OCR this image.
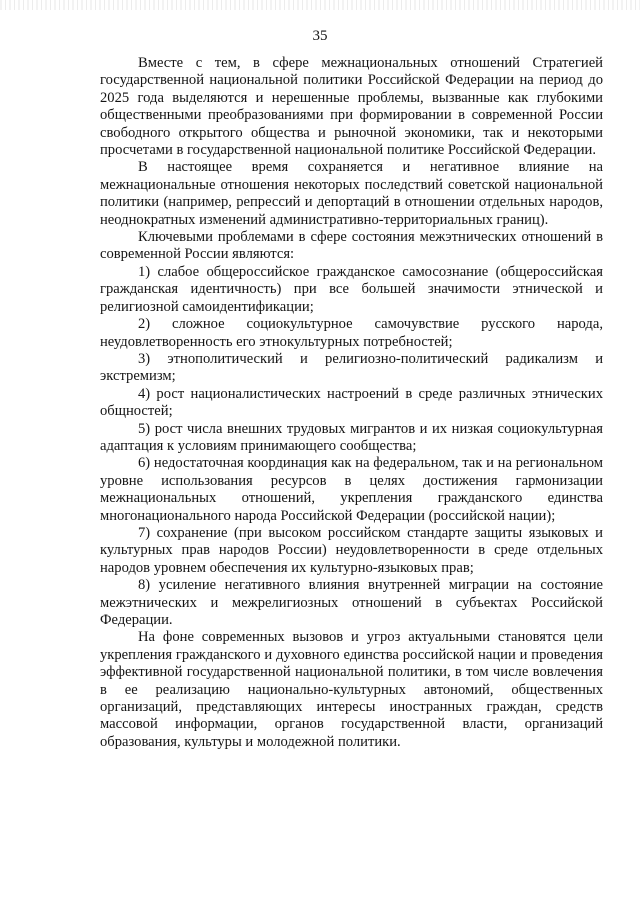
35

Вместе с тем, в сфере межнациональных отношений Стратегией государственной национальной политики Российской Федерации на период до 2025 года выделяются и нерешенные проблемы, вызванные как глубокими общественными преобразованиями при формировании в современной России свободного открытого общества и рыночной экономики, так и некоторыми просчетами в государственной национальной политике Российской Федерации.

В настоящее время сохраняется и негативное влияние на межнациональные отношения некоторых последствий советской национальной политики (например, репрессий и депортаций в отношении отдельных народов, неоднократных изменений административно-территориальных границ).

Ключевыми проблемами в сфере состояния межэтнических отношений в современной России являются:

1) слабое общероссийское гражданское самосознание (общероссийская гражданская идентичность) при все большей значимости этнической и религиозной самоидентификации;

2) сложное социокультурное самочувствие русского народа, неудовлетворенность его этнокультурных потребностей;

3) этнополитический и религиозно-политический радикализм и экстремизм;

4) рост националистических настроений в среде различных этнических общностей;

5) рост числа внешних трудовых мигрантов и их низкая социокультурная адаптация к условиям принимающего сообщества;

6) недостаточная координация как на федеральном, так и на региональном уровне использования ресурсов в целях достижения гармонизации межнациональных отношений, укрепления гражданского единства многонационального народа Российской Федерации (российской нации);

7) сохранение (при высоком российском стандарте защиты языковых и культурных прав народов России) неудовлетворенности в среде отдельных народов уровнем обеспечения их культурно-языковых прав;

8) усиление негативного влияния внутренней миграции на состояние межэтнических и межрелигиозных отношений в субъектах Российской Федерации.

На фоне современных вызовов и угроз актуальными становятся цели укрепления гражданского и духовного единства российской нации и проведения эффективной государственной национальной политики, в том числе вовлечения в ее реализацию национально-культурных автономий, общественных организаций, представляющих интересы иностранных граждан, средств массовой информации, органов государственной власти, организаций образования, культуры и молодежной политики.
